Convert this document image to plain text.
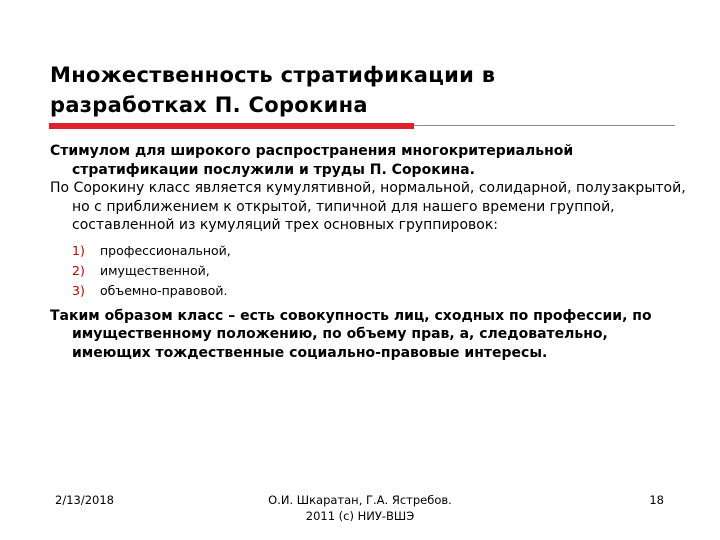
Множественность стратификации в
разработках П. Сорокина

Стимулом для широкого распространения многокритериальной стратификации послужили и труды П. Сорокина.

По Сорокину класс является кумулятивной, нормальной, солидарной, полузакрытой, но с приближением к открытой, типичной для нашего времени группой, составленной из кумуляций трех основных группировок:

1)	профессиональной,
2)	имущественной,
3)	объемно-правовой.

Таким образом класс – есть совокупность лиц, сходных по профессии, по имущественному положению, по объему прав, а, следовательно, имеющих тождественные социально-правовые интересы.

2/13/2018	О.И. Шкаратан, Г.А. Ястребов.
2011 (c) НИУ-ВШЭ
18
